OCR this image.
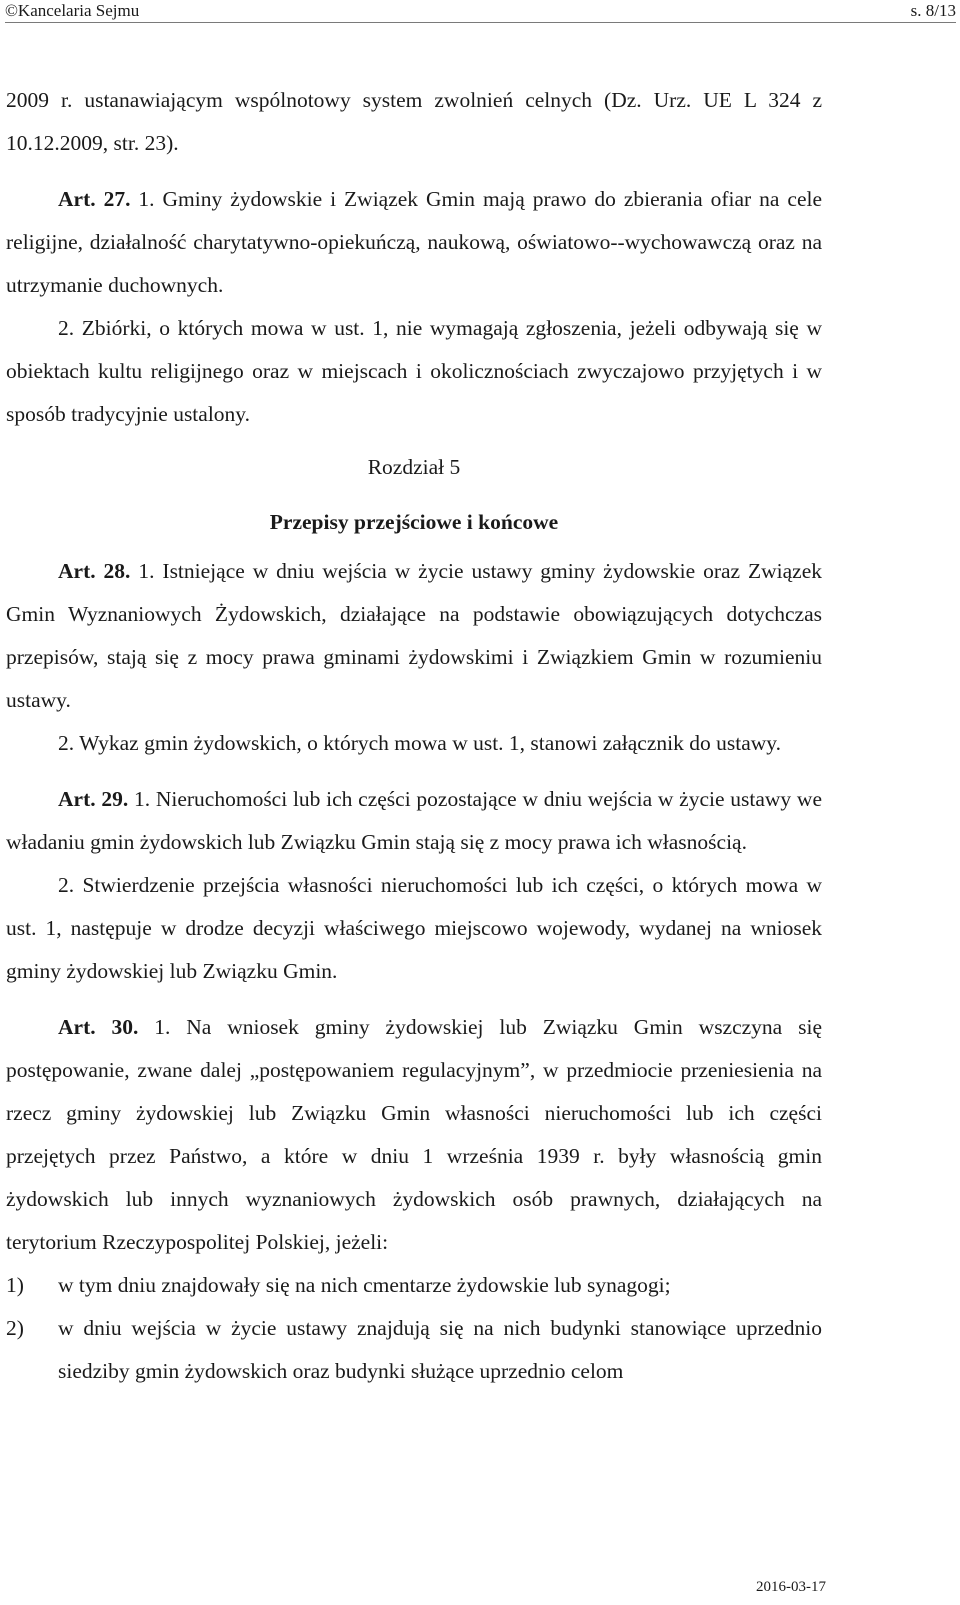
©Kancelaria Sejmu	s. 8/13

2009 r. ustanawiającym wspólnotowy system zwolnień celnych (Dz. Urz. UE L 324 z 10.12.2009, str. 23).

Art. 27. 1. Gminy żydowskie i Związek Gmin mają prawo do zbierania ofiar na cele religijne, działalność charytatywno-opiekuńczą, naukową, oświatowo-‑wychowawczą oraz na utrzymanie duchownych.

2. Zbiórki, o których mowa w ust. 1, nie wymagają zgłoszenia, jeżeli odbywają się w obiektach kultu religijnego oraz w miejscach i okolicznościach zwyczajowo przyjętych i w sposób tradycyjnie ustalony.

Rozdział 5

Przepisy przejściowe i końcowe

Art. 28. 1. Istniejące w dniu wejścia w życie ustawy gminy żydowskie oraz Związek Gmin Wyznaniowych Żydowskich, działające na podstawie obowiązujących dotychczas przepisów, stają się z mocy prawa gminami żydowskimi i Związkiem Gmin w rozumieniu ustawy.

2. Wykaz gmin żydowskich, o których mowa w ust. 1, stanowi załącznik do ustawy.

Art. 29. 1. Nieruchomości lub ich części pozostające w dniu wejścia w życie ustawy we władaniu gmin żydowskich lub Związku Gmin stają się z mocy prawa ich własnością.

2. Stwierdzenie przejścia własności nieruchomości lub ich części, o których mowa w ust. 1, następuje w drodze decyzji właściwego miejscowo wojewody, wydanej na wniosek gminy żydowskiej lub Związku Gmin.

Art. 30. 1. Na wniosek gminy żydowskiej lub Związku Gmin wszczyna się postępowanie, zwane dalej „postępowaniem regulacyjnym”, w przedmiocie przeniesienia na rzecz gminy żydowskiej lub Związku Gmin własności nieruchomości lub ich części przejętych przez Państwo, a które w dniu 1 września 1939 r. były własnością gmin żydowskich lub innych wyznaniowych żydowskich osób prawnych, działających na terytorium Rzeczypospolitej Polskiej, jeżeli:

1)	w tym dniu znajdowały się na nich cmentarze żydowskie lub synagogi;
2)	w dniu wejścia w życie ustawy znajdują się na nich budynki stanowiące uprzednio siedziby gmin żydowskich oraz budynki służące uprzednio celom
2016-03-17
